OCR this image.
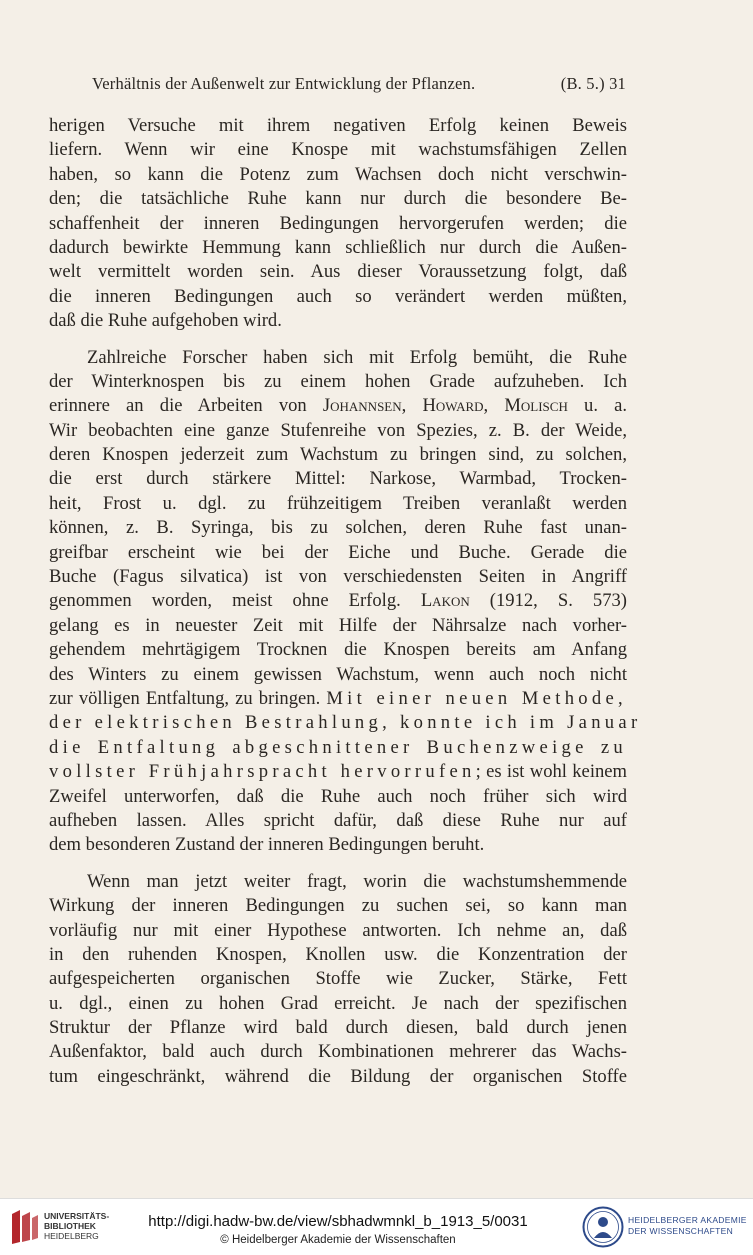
Verhältnis der Außenwelt zur Entwicklung der Pflanzen.	(B. 5.) 31
herigen Versuche mit ihrem negativen Erfolg keinen Beweis
liefern. Wenn wir eine Knospe mit wachstumsfähigen Zellen
haben, so kann die Potenz zum Wachsen doch nicht verschwin-
den; die tatsächliche Ruhe kann nur durch die besondere Be-
schaffenheit der inneren Bedingungen hervorgerufen werden; die
dadurch bewirkte Hemmung kann schließlich nur durch die Außen-
welt vermittelt worden sein. Aus dieser Voraussetzung folgt, daß
die inneren Bedingungen auch so verändert werden müßten,
daß die Ruhe aufgehoben wird.
Zahlreiche Forscher haben sich mit Erfolg bemüht, die Ruhe
der Winterknospen bis zu einem hohen Grade aufzuheben. Ich
erinnere an die Arbeiten von Johannsen, Howard, Molisch u. a.
Wir beobachten eine ganze Stufenreihe von Spezies, z. B. der Weide,
deren Knospen jederzeit zum Wachstum zu bringen sind, zu solchen,
die erst durch stärkere Mittel: Narkose, Warmbad, Trocken-
heit, Frost u. dgl. zu frühzeitigem Treiben veranlaßt werden
können, z. B. Syringa, bis zu solchen, deren Ruhe fast unan-
greifbar erscheint wie bei der Eiche und Buche. Gerade die
Buche (Fagus silvatica) ist von verschiedensten Seiten in Angriff
genommen worden, meist ohne Erfolg. Lakon (1912, S. 573)
gelang es in neuester Zeit mit Hilfe der Nährsalze nach vorher-
gehendem mehrtägigem Trocknen die Knospen bereits am Anfang
des Winters zu einem gewissen Wachstum, wenn auch noch nicht
zur völligen Entfaltung, zu bringen. Mit einer neuen Methode,
der elektrischen Bestrahlung, konnte ich im Januar
die Entfaltung abgeschnittener Buchenzweige zu
vollster Frühjahrspracht hervorrufen; es ist wohl keinem
Zweifel unterworfen, daß die Ruhe auch noch früher sich wird
aufheben lassen. Alles spricht dafür, daß diese Ruhe nur auf
dem besonderen Zustand der inneren Bedingungen beruht.
Wenn man jetzt weiter fragt, worin die wachstumshemmende
Wirkung der inneren Bedingungen zu suchen sei, so kann man
vorläufig nur mit einer Hypothese antworten. Ich nehme an, daß
in den ruhenden Knospen, Knollen usw. die Konzentration der
aufgespeicherten organischen Stoffe wie Zucker, Stärke, Fett
u. dgl., einen zu hohen Grad erreicht. Je nach der spezifischen
Struktur der Pflanze wird bald durch diesen, bald durch jenen
Außenfaktor, bald auch durch Kombinationen mehrerer das Wachs-
tum eingeschränkt, während die Bildung der organischen Stoffe
UNIVERSITÄTS-
BIBLIOTHEK
HEIDELBERG
http://digi.hadw-bw.de/view/sbhadwmnkl_b_1913_5/0031
© Heidelberger Akademie der Wissenschaften
HEIDELBERGER AKADEMIE
DER WISSENSCHAFTEN
